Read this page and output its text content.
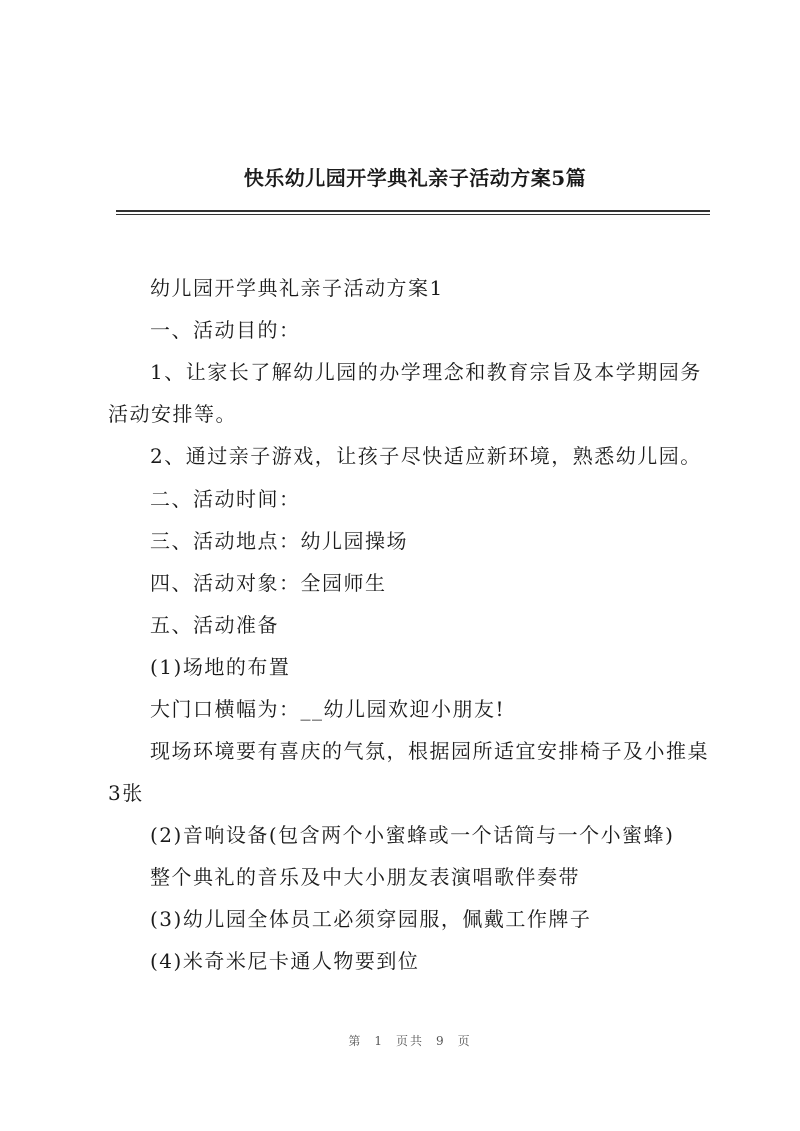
快乐幼儿园开学典礼亲子活动方案5篇
幼儿园开学典礼亲子活动方案1
一、活动目的：
1、让家长了解幼儿园的办学理念和教育宗旨及本学期园务
活动安排等。
2、通过亲子游戏，让孩子尽快适应新环境，熟悉幼儿园。
二、活动时间：
三、活动地点：幼儿园操场
四、活动对象：全园师生
五、活动准备
(1)场地的布置
大门口横幅为：__幼儿园欢迎小朋友!
现场环境要有喜庆的气氛，根据园所适宜安排椅子及小推桌
3张
(2)音响设备(包含两个小蜜蜂或一个话筒与一个小蜜蜂)
整个典礼的音乐及中大小朋友表演唱歌伴奏带
(3)幼儿园全体员工必须穿园服，佩戴工作牌子
(4)米奇米尼卡通人物要到位
第 1 页共 9 页
